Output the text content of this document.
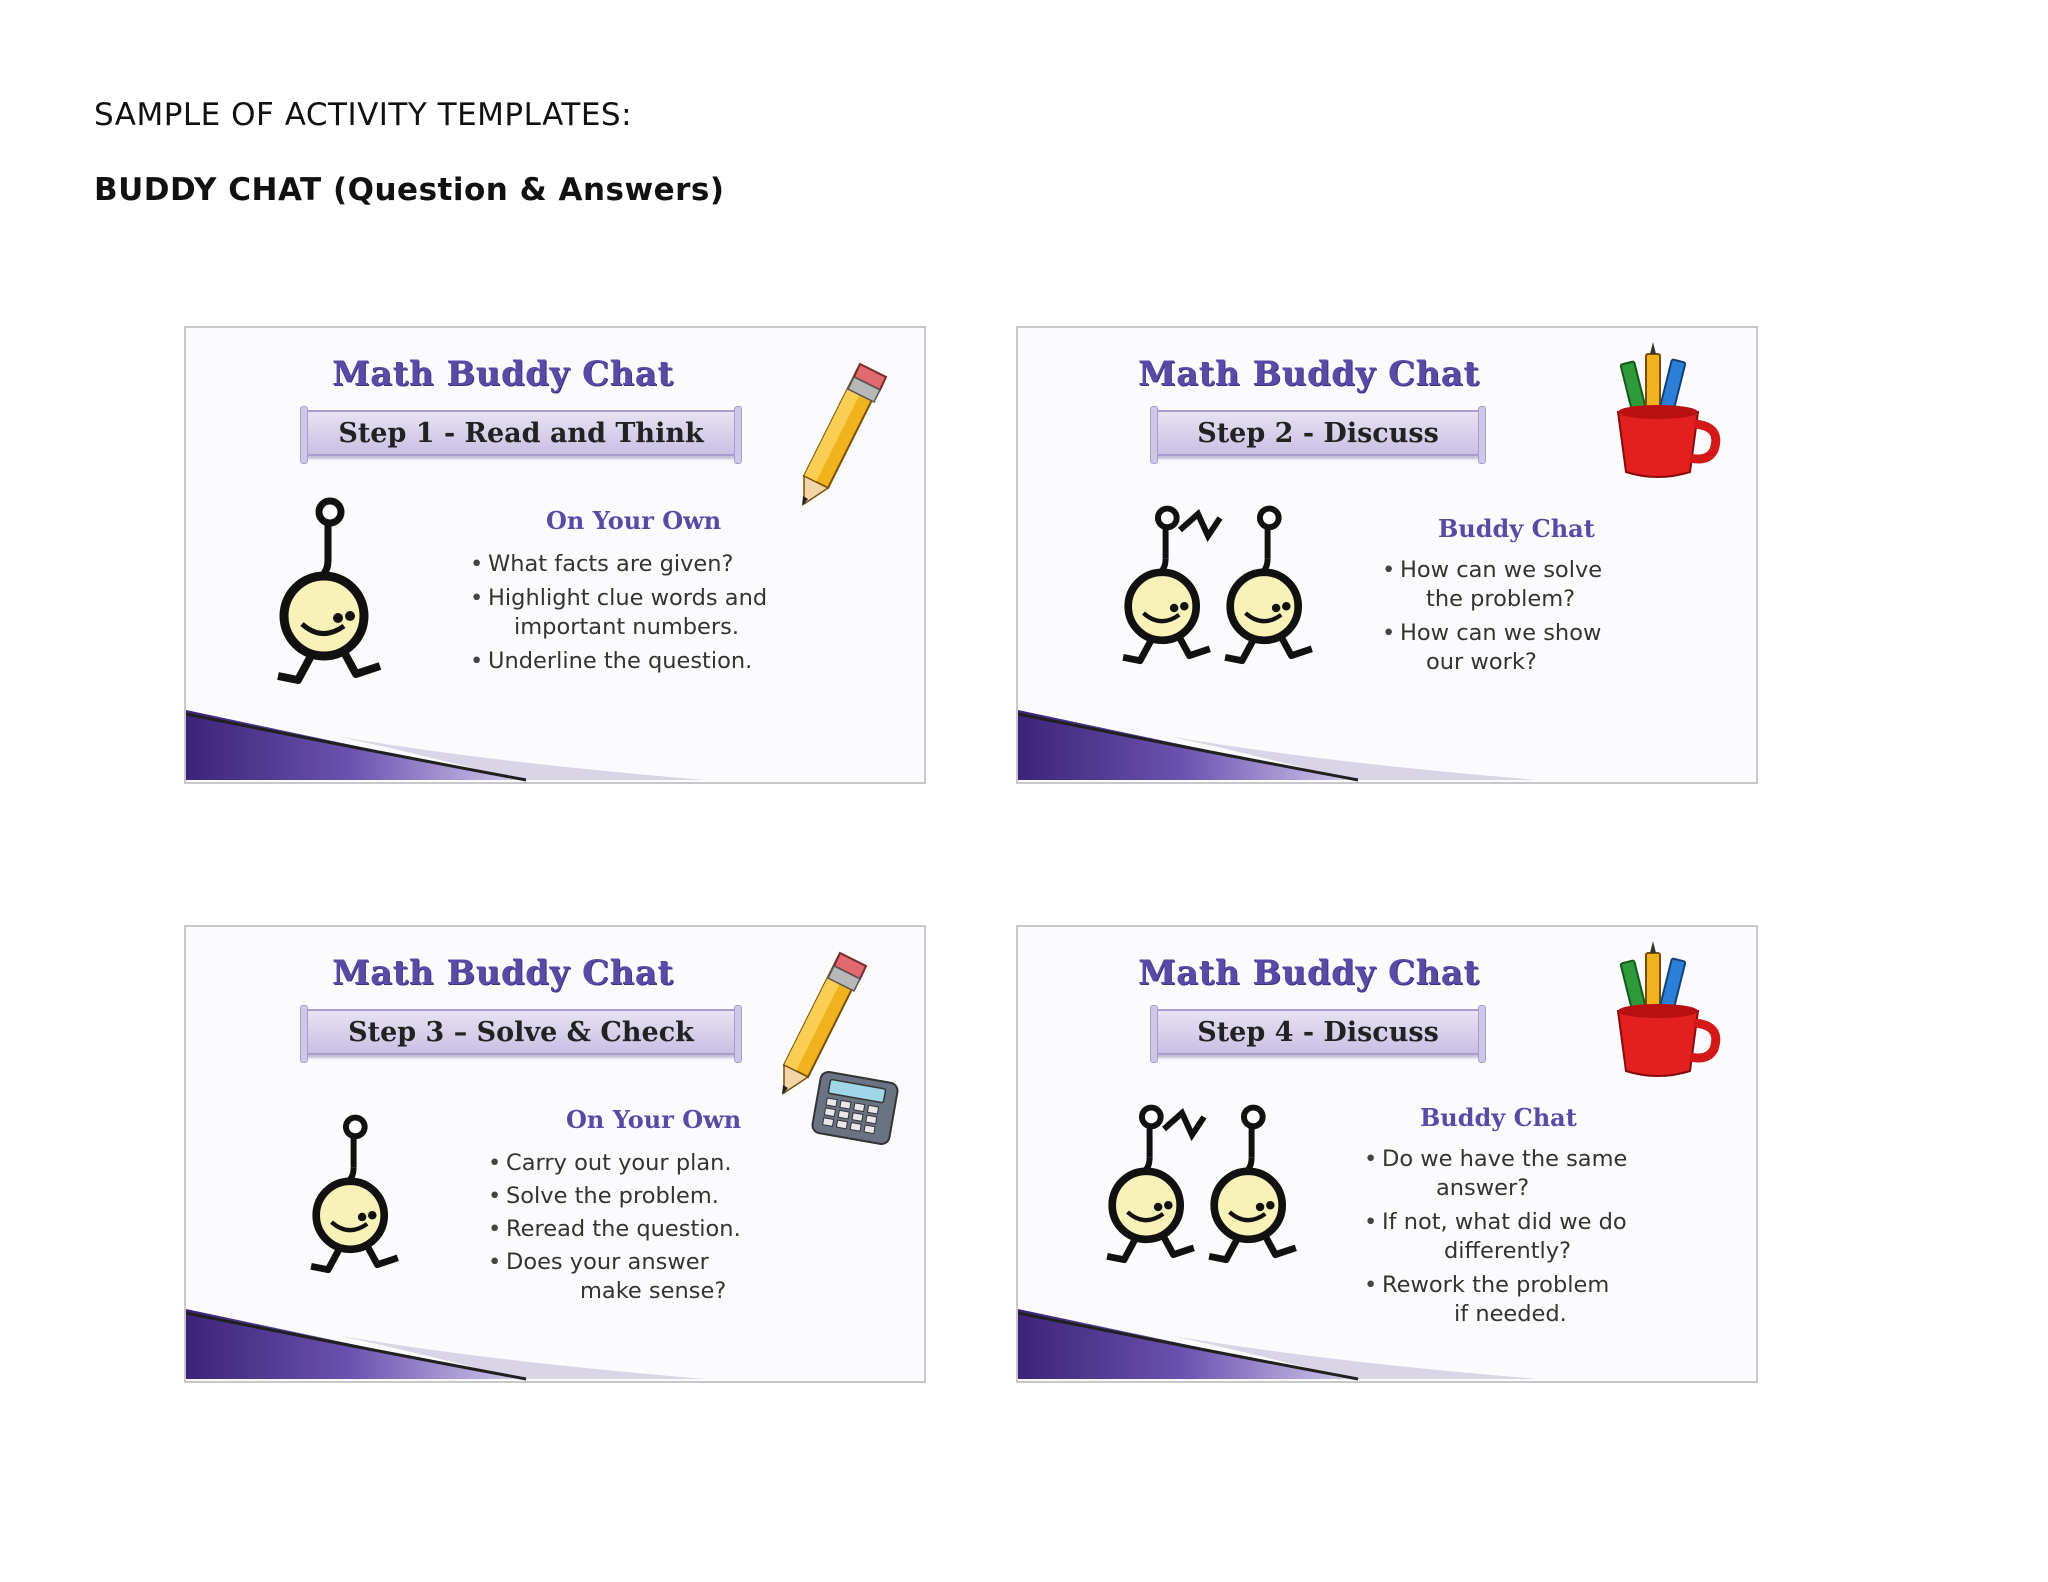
SAMPLE OF ACTIVITY TEMPLATES:
BUDDY CHAT (Question & Answers)
Math Buddy Chat
Step 1 - Read and Think
On Your Own
• What facts are given?
• Highlight clue words and
important numbers.
• Underline the question.
Math Buddy Chat
Step 2 - Discuss
Buddy Chat
• How can we solve
the problem?
• How can we show
our work?
Math Buddy Chat
Step 3 – Solve & Check
On Your Own
• Carry out your plan.
• Solve the problem.
• Reread the question.
• Does your answer
make sense?
Math Buddy Chat
Step 4 - Discuss
Buddy Chat
• Do we have the same
answer?
• If not, what did we do
differently?
• Rework the problem
if needed.
